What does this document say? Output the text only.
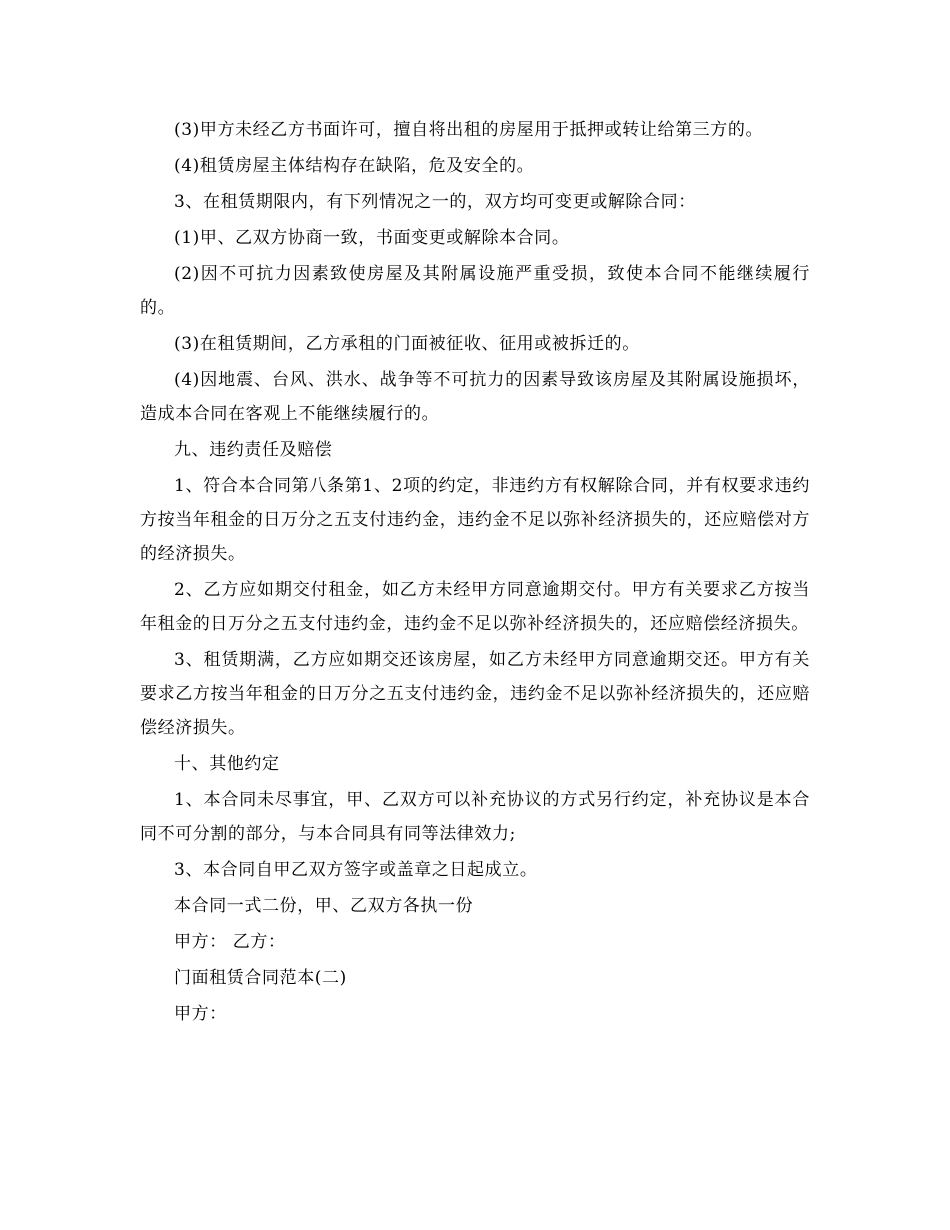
(3)甲方未经乙方书面许可，擅自将出租的房屋用于抵押或转让给第三方的。

(4)租赁房屋主体结构存在缺陷，危及安全的。

3、在租赁期限内，有下列情况之一的，双方均可变更或解除合同：

(1)甲、乙双方协商一致，书面变更或解除本合同。

(2)因不可抗力因素致使房屋及其附属设施严重受损，致使本合同不能继续履行的。

(3)在租赁期间，乙方承租的门面被征收、征用或被拆迁的。

(4)因地震、台风、洪水、战争等不可抗力的因素导致该房屋及其附属设施损坏，造成本合同在客观上不能继续履行的。

九、违约责任及赔偿

1、符合本合同第八条第1、2项的约定，非违约方有权解除合同，并有权要求违约方按当年租金的日万分之五支付违约金，违约金不足以弥补经济损失的，还应赔偿对方的经济损失。

2、乙方应如期交付租金，如乙方未经甲方同意逾期交付。甲方有关要求乙方按当年租金的日万分之五支付违约金，违约金不足以弥补经济损失的，还应赔偿经济损失。

3、租赁期满，乙方应如期交还该房屋，如乙方未经甲方同意逾期交还。甲方有关要求乙方按当年租金的日万分之五支付违约金，违约金不足以弥补经济损失的，还应赔偿经济损失。

十、其他约定

1、本合同未尽事宜，甲、乙双方可以补充协议的方式另行约定，补充协议是本合同不可分割的部分，与本合同具有同等法律效力;

3、本合同自甲乙双方签字或盖章之日起成立。

本合同一式二份，甲、乙双方各执一份

甲方： 乙方：

门面租赁合同范本(二)

甲方：
